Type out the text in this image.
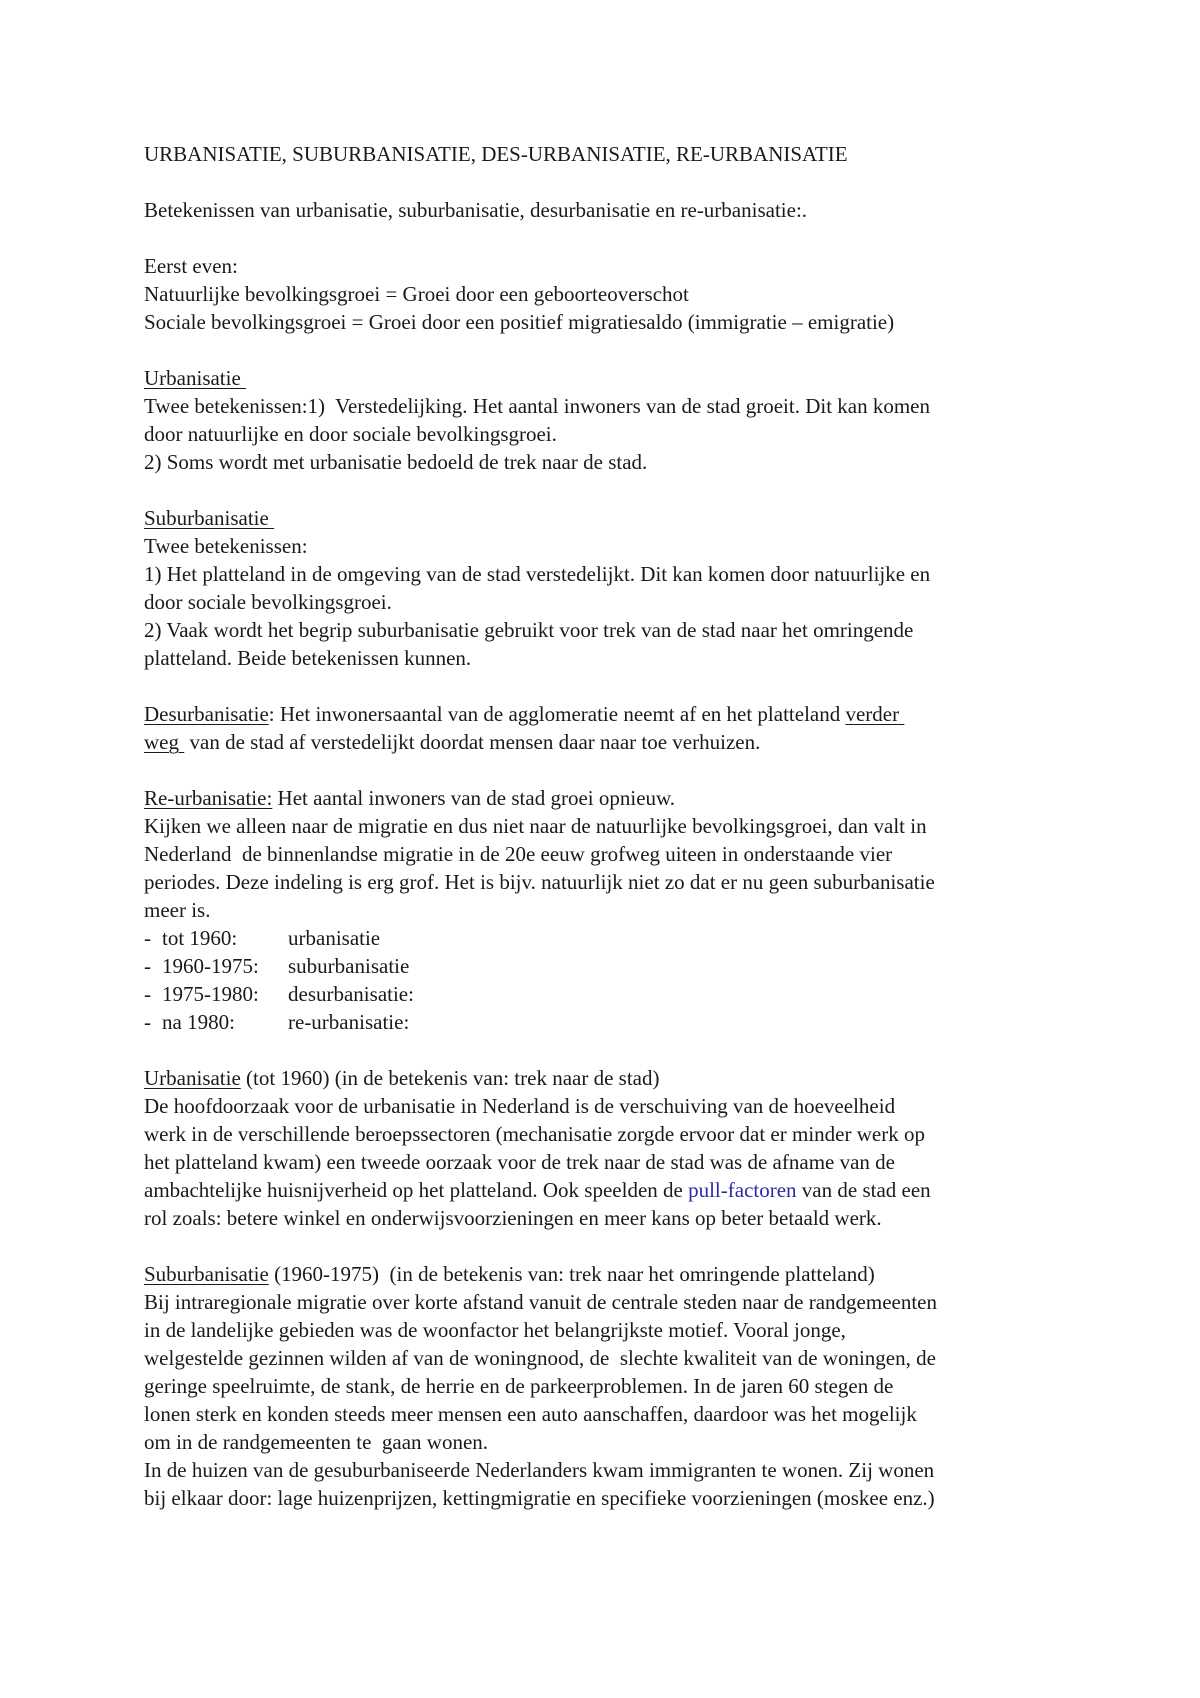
URBANISATIE, SUBURBANISATIE, DES-URBANISATIE, RE-URBANISATIE

Betekenissen van urbanisatie, suburbanisatie, desurbanisatie en re-urbanisatie:.

Eerst even:

Natuurlijke bevolkingsgroei = Groei door een geboorteoverschot

Sociale bevolkingsgroei = Groei door een positief migratiesaldo (immigratie – emigratie)

Urbanisatie

Twee betekenissen:1)  Verstedelijking. Het aantal inwoners van de stad groeit. Dit kan komen

door natuurlijke en door sociale bevolkingsgroei.

2) Soms wordt met urbanisatie bedoeld de trek naar de stad.

Suburbanisatie

Twee betekenissen:

1) Het platteland in de omgeving van de stad verstedelijkt. Dit kan komen door natuurlijke en

door sociale bevolkingsgroei.

2) Vaak wordt het begrip suburbanisatie gebruikt voor trek van de stad naar het omringende

platteland. Beide betekenissen kunnen.

Desurbanisatie: Het inwonersaantal van de agglomeratie neemt af en het platteland verder

weg  van de stad af verstedelijkt doordat mensen daar naar toe verhuizen.

Re-urbanisatie: Het aantal inwoners van de stad groei opnieuw.

Kijken we alleen naar de migratie en dus niet naar de natuurlijke bevolkingsgroei, dan valt in

Nederland  de binnenlandse migratie in de 20e eeuw grofweg uiteen in onderstaande vier

periodes. Deze indeling is erg grof. Het is bijv. natuurlijk niet zo dat er nu geen suburbanisatie

meer is.

- tot 1960:	urbanisatie
- 1960-1975:	suburbanisatie
- 1975-1980:	desurbanisatie:
- na 1980:	re-urbanisatie:

Urbanisatie (tot 1960) (in de betekenis van: trek naar de stad)

De hoofdoorzaak voor de urbanisatie in Nederland is de verschuiving van de hoeveelheid

werk in de verschillende beroepssectoren (mechanisatie zorgde ervoor dat er minder werk op

het platteland kwam) een tweede oorzaak voor de trek naar de stad was de afname van de

ambachtelijke huisnijverheid op het platteland. Ook speelden de pull-factoren van de stad een

rol zoals: betere winkel en onderwijsvoorzieningen en meer kans op beter betaald werk.

Suburbanisatie (1960-1975)  (in de betekenis van: trek naar het omringende platteland)

Bij intraregionale migratie over korte afstand vanuit de centrale steden naar de randgemeenten

in de landelijke gebieden was de woonfactor het belangrijkste motief. Vooral jonge,

welgestelde gezinnen wilden af van de woningnood, de  slechte kwaliteit van de woningen, de

geringe speelruimte, de stank, de herrie en de parkeerproblemen. In de jaren 60 stegen de

lonen sterk en konden steeds meer mensen een auto aanschaffen, daardoor was het mogelijk

om in de randgemeenten te  gaan wonen.

In de huizen van de gesuburbaniseerde Nederlanders kwam immigranten te wonen. Zij wonen

bij elkaar door: lage huizenprijzen, kettingmigratie en specifieke voorzieningen (moskee enz.)
